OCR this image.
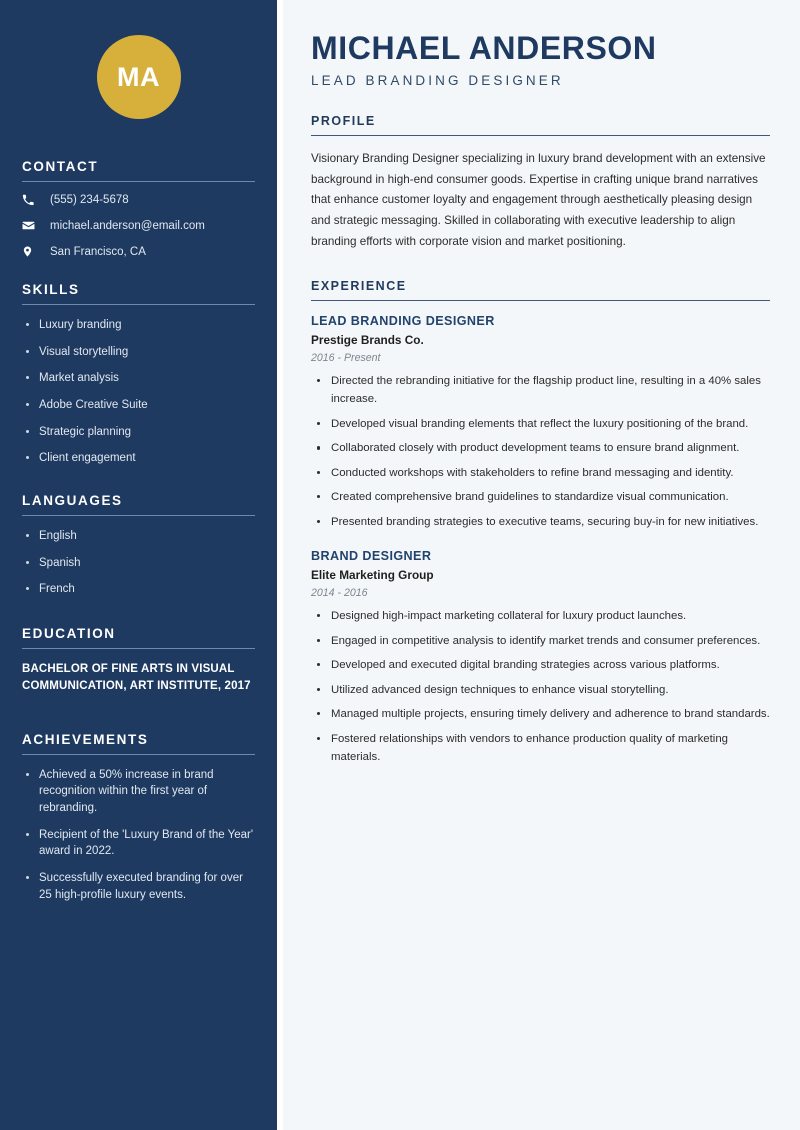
MA
CONTACT
(555) 234-5678
michael.anderson@email.com
San Francisco, CA
SKILLS
Luxury branding
Visual storytelling
Market analysis
Adobe Creative Suite
Strategic planning
Client engagement
LANGUAGES
English
Spanish
French
EDUCATION
BACHELOR OF FINE ARTS IN VISUAL COMMUNICATION, ART INSTITUTE, 2017
ACHIEVEMENTS
Achieved a 50% increase in brand recognition within the first year of rebranding.
Recipient of the 'Luxury Brand of the Year' award in 2022.
Successfully executed branding for over 25 high-profile luxury events.
MICHAEL ANDERSON
LEAD BRANDING DESIGNER
PROFILE

Visionary Branding Designer specializing in luxury brand development with an extensive background in high-end consumer goods. Expertise in crafting unique brand narratives that enhance customer loyalty and engagement through aesthetically pleasing design and strategic messaging. Skilled in collaborating with executive leadership to align branding efforts with corporate vision and market positioning.

EXPERIENCE
LEAD BRANDING DESIGNER
Prestige Brands Co.
2016 - Present
Directed the rebranding initiative for the flagship product line, resulting in a 40% sales increase.
Developed visual branding elements that reflect the luxury positioning of the brand.
Collaborated closely with product development teams to ensure brand alignment.
Conducted workshops with stakeholders to refine brand messaging and identity.
Created comprehensive brand guidelines to standardize visual communication.
Presented branding strategies to executive teams, securing buy-in for new initiatives.
BRAND DESIGNER
Elite Marketing Group
2014 - 2016
Designed high-impact marketing collateral for luxury product launches.
Engaged in competitive analysis to identify market trends and consumer preferences.
Developed and executed digital branding strategies across various platforms.
Utilized advanced design techniques to enhance visual storytelling.
Managed multiple projects, ensuring timely delivery and adherence to brand standards.
Fostered relationships with vendors to enhance production quality of marketing materials.
